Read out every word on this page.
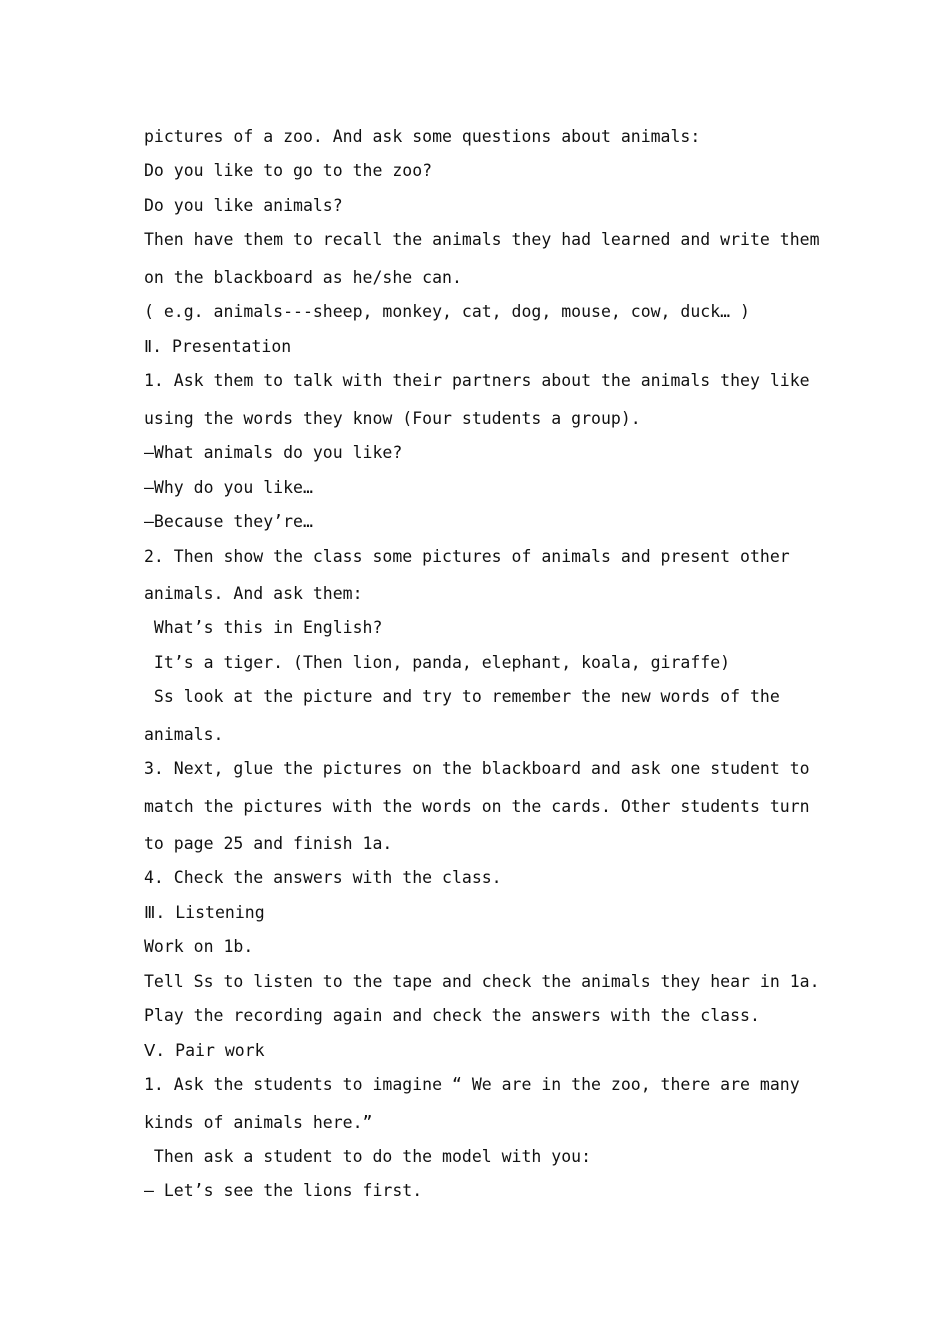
pictures of a zoo. And ask some questions about animals:
Do you like to go to the zoo?
Do you like animals?
Then have them to recall the animals they had learned and write them
on the blackboard as he/she can.
( e.g. animals---sheep, monkey, cat, dog, mouse, cow, duck… )
Ⅱ. Presentation
1. Ask them to talk with their partners about the animals they like
using the words they know (Four students a group).
—What animals do you like?
—Why do you like…
—Because they’re…
2. Then show the class some pictures of animals and present other
animals. And ask them:
What’s this in English?
It’s a tiger. (Then lion, panda, elephant, koala, giraffe)
Ss look at the picture and try to remember the new words of the
animals.
3. Next, glue the pictures on the blackboard and ask one student to
match the pictures with the words on the cards. Other students turn
to page 25 and finish 1a.
4. Check the answers with the class.
Ⅲ. Listening
Work on 1b.
Tell Ss to listen to the tape and check the animals they hear in 1a.
Play the recording again and check the answers with the class.
Ⅴ. Pair work
1. Ask the students to imagine “ We are in the zoo, there are many
kinds of animals here.”
Then ask a student to do the model with you:
— Let’s see the lions first.
